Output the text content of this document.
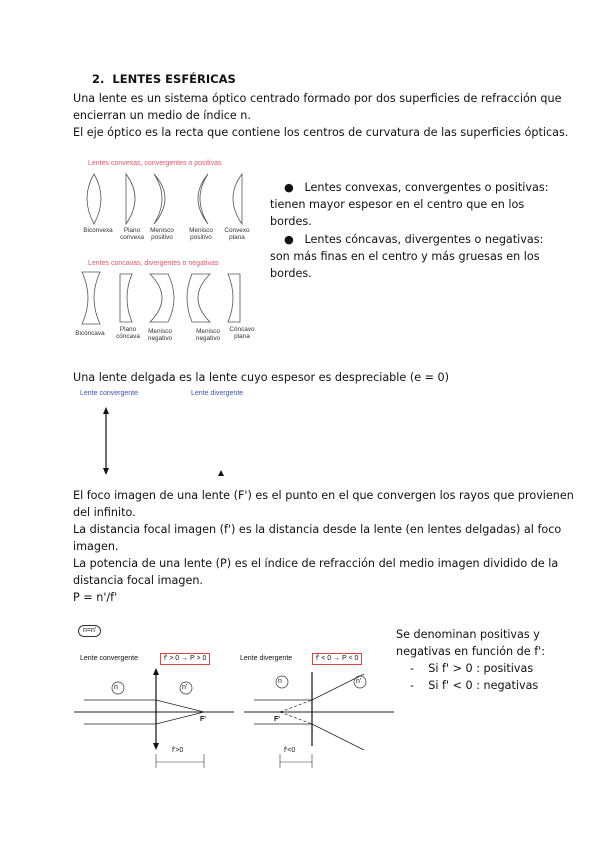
2. LENTES ESFÉRICAS
Una lente es un sistema óptico centrado formado por dos superficies de refracción que
encierran un medio de índice n.
El eje óptico es la recta que contiene los centros de curvatura de las superficies ópticas.
Lentes convexas, convergentes o positivas
Biconvexa	Plano convexa
Menisco positivo
Menisco positivo
Convexo plana
Lentes concavas, divergentes o negativas
Bicóncava
Plano cóncava
Menisco negativo
Menisco negativo
Cóncavo plana
● Lentes convexas, convergentes o positivas:
tienen mayor espesor en el centro que en los
bordes.
● Lentes cóncavas, divergentes o negativas:
son más finas en el centro y más gruesas en los
bordes.
Una lente delgada es la lente cuyo espesor es despreciable (e = 0)
Lente convergente	Lente divergente
El foco imagen de una lente (F') es el punto en el que convergen los rayos que provienen
del infinito.
La distancia focal imagen (f') es la distancia desde la lente (en lentes delgadas) al foco
imagen.
La potencia de una lente (P) es el índice de refracción del medio imagen dividido de la
distancia focal imagen.
P = n'/f'
n=n'
Lente convergente	f' > 0 → P > 0	Lente divergente	f' < 0 → P < 0
n	n'
F'
f'>0
n	n'
F'
f'<0
Se denominan positivas y
negativas en función de f':
-    Si f' > 0 : positivas
-    Si f' < 0 : negativas
